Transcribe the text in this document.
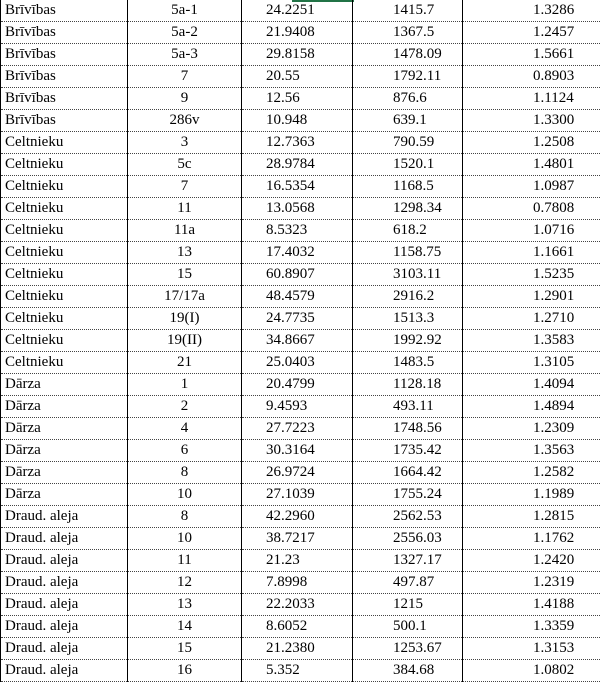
Brīvības	5a-1	24.2251	1415.7	1.3286
Brīvības	5a-2	21.9408	1367.5	1.2457
Brīvības	5a-3	29.8158	1478.09	1.5661
Brīvības	7	20.55	1792.11	0.8903
Brīvības	9	12.56	876.6	1.1124
Brīvības	286v	10.948	639.1	1.3300
Celtnieku	3	12.7363	790.59	1.2508
Celtnieku	5c	28.9784	1520.1	1.4801
Celtnieku	7	16.5354	1168.5	1.0987
Celtnieku	11	13.0568	1298.34	0.7808
Celtnieku	11a	8.5323	618.2	1.0716
Celtnieku	13	17.4032	1158.75	1.1661
Celtnieku	15	60.8907	3103.11	1.5235
Celtnieku	17/17a	48.4579	2916.2	1.2901
Celtnieku	19(I)	24.7735	1513.3	1.2710
Celtnieku	19(II)	34.8667	1992.92	1.3583
Celtnieku	21	25.0403	1483.5	1.3105
Dārza	1	20.4799	1128.18	1.4094
Dārza	2	9.4593	493.11	1.4894
Dārza	4	27.7223	1748.56	1.2309
Dārza	6	30.3164	1735.42	1.3563
Dārza	8	26.9724	1664.42	1.2582
Dārza	10	27.1039	1755.24	1.1989
Draud. aleja	8	42.2960	2562.53	1.2815
Draud. aleja	10	38.7217	2556.03	1.1762
Draud. aleja	11	21.23	1327.17	1.2420
Draud. aleja	12	7.8998	497.87	1.2319
Draud. aleja	13	22.2033	1215	1.4188
Draud. aleja	14	8.6052	500.1	1.3359
Draud. aleja	15	21.2380	1253.67	1.3153
Draud. aleja	16	5.352	384.68	1.0802
